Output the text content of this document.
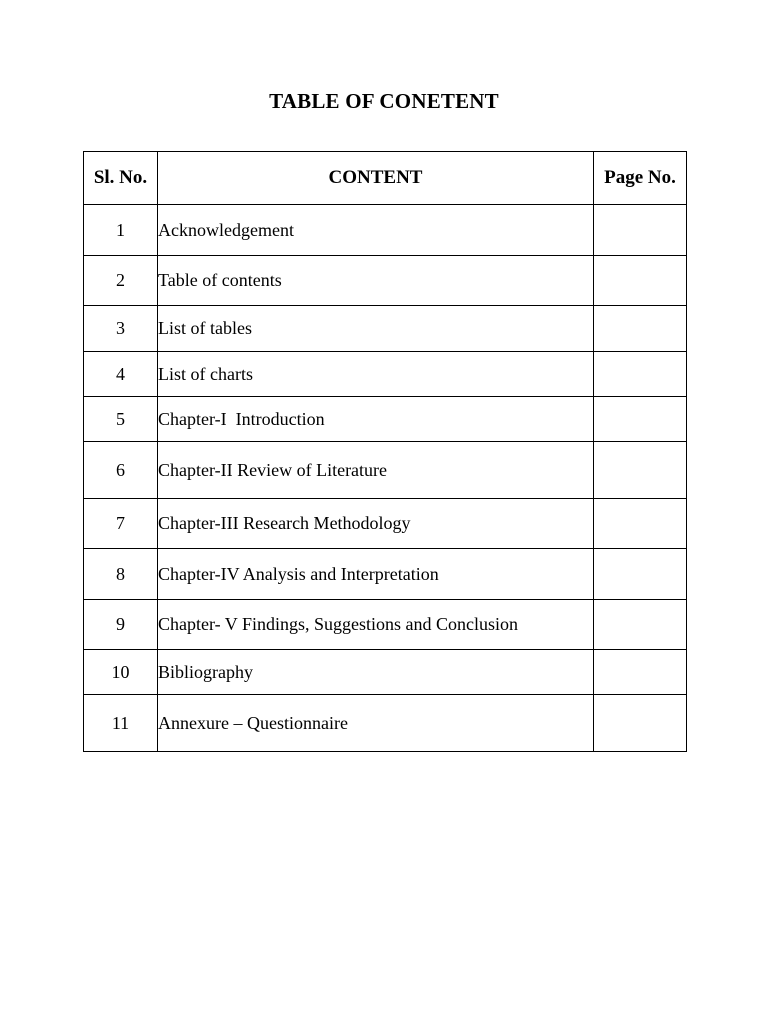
TABLE OF CONETENT
Sl. No.	CONTENT	Page No.
1	Acknowledgement	
2	Table of contents	
3	List of tables	
4	List of charts	
5	Chapter-I  Introduction	
6	Chapter-II Review of Literature	
7	Chapter-III Research Methodology	
8	Chapter-IV Analysis and Interpretation	
9	Chapter- V Findings, Suggestions and Conclusion	
10	Bibliography	
11	Annexure – Questionnaire	
